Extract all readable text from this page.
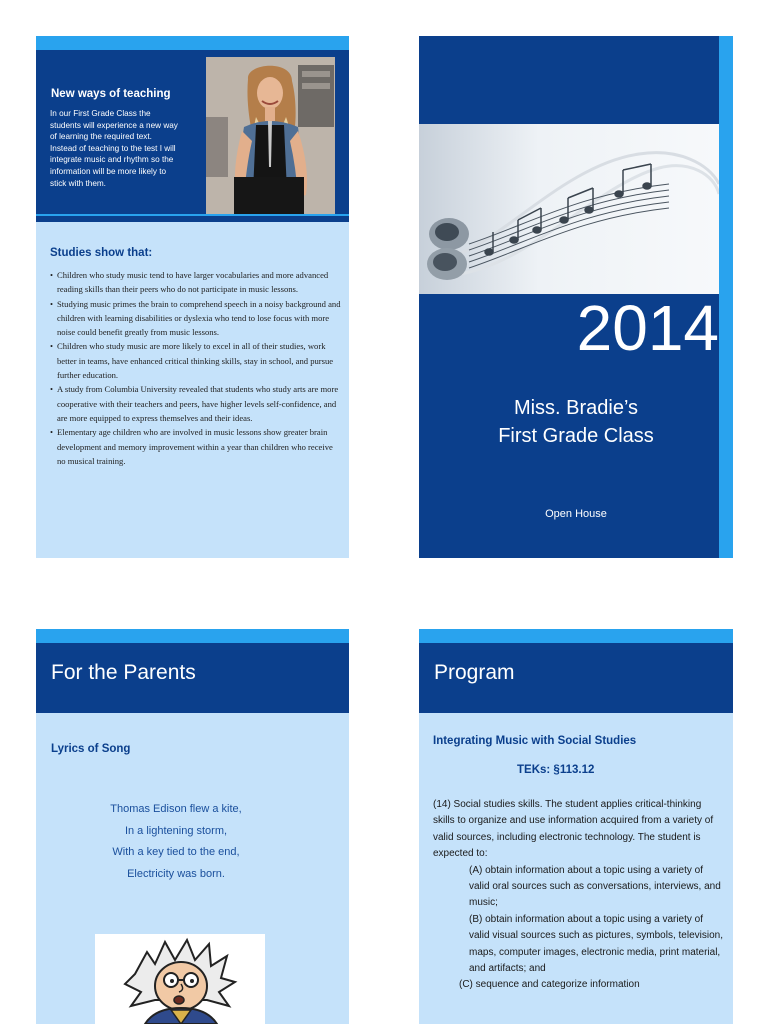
New ways of teaching
In our First Grade Class the students will experience a new way of learning the required text. Instead of teaching to the test I will integrate music and rhythm so the information will be more likely to stick with them.
Studies show that:
• Children who study music tend to have larger vocabularies and more advanced reading skills than their peers who do not participate in music lessons.
• Studying music primes the brain to comprehend speech in a noisy background and children with learning disabilities or dyslexia who tend to lose focus with more noise could benefit greatly from music lessons.
• Children who study music are more likely to excel in all of their studies, work better in teams, have enhanced critical thinking skills, stay in school, and pursue further education.
• A study from Columbia University revealed that students who study arts are more cooperative with their teachers and peers, have higher levels self-confidence, and are more equipped to express themselves and their ideas.
• Elementary age children who are involved in music lessons show greater brain development and memory improvement within a year than children who receive no musical training.
2014
Miss. Bradie’s
First Grade Class
Open House
For the Parents
Lyrics of Song
Thomas Edison flew a kite,
In a lightening storm,
With a key tied to the end,
Electricity was born.
Program
Integrating Music with Social Studies
TEKs: §113.12
(14) Social studies skills. The student applies critical-thinking skills to organize and use information acquired from a variety of valid sources, including electronic technology. The student is expected to:
(A) obtain information about a topic using a variety of valid oral sources such as conversations, interviews, and music;
(B) obtain information about a topic using a variety of valid visual sources such as pictures, symbols, television, maps, computer images, electronic media, print material, and artifacts; and
(C) sequence and categorize information
